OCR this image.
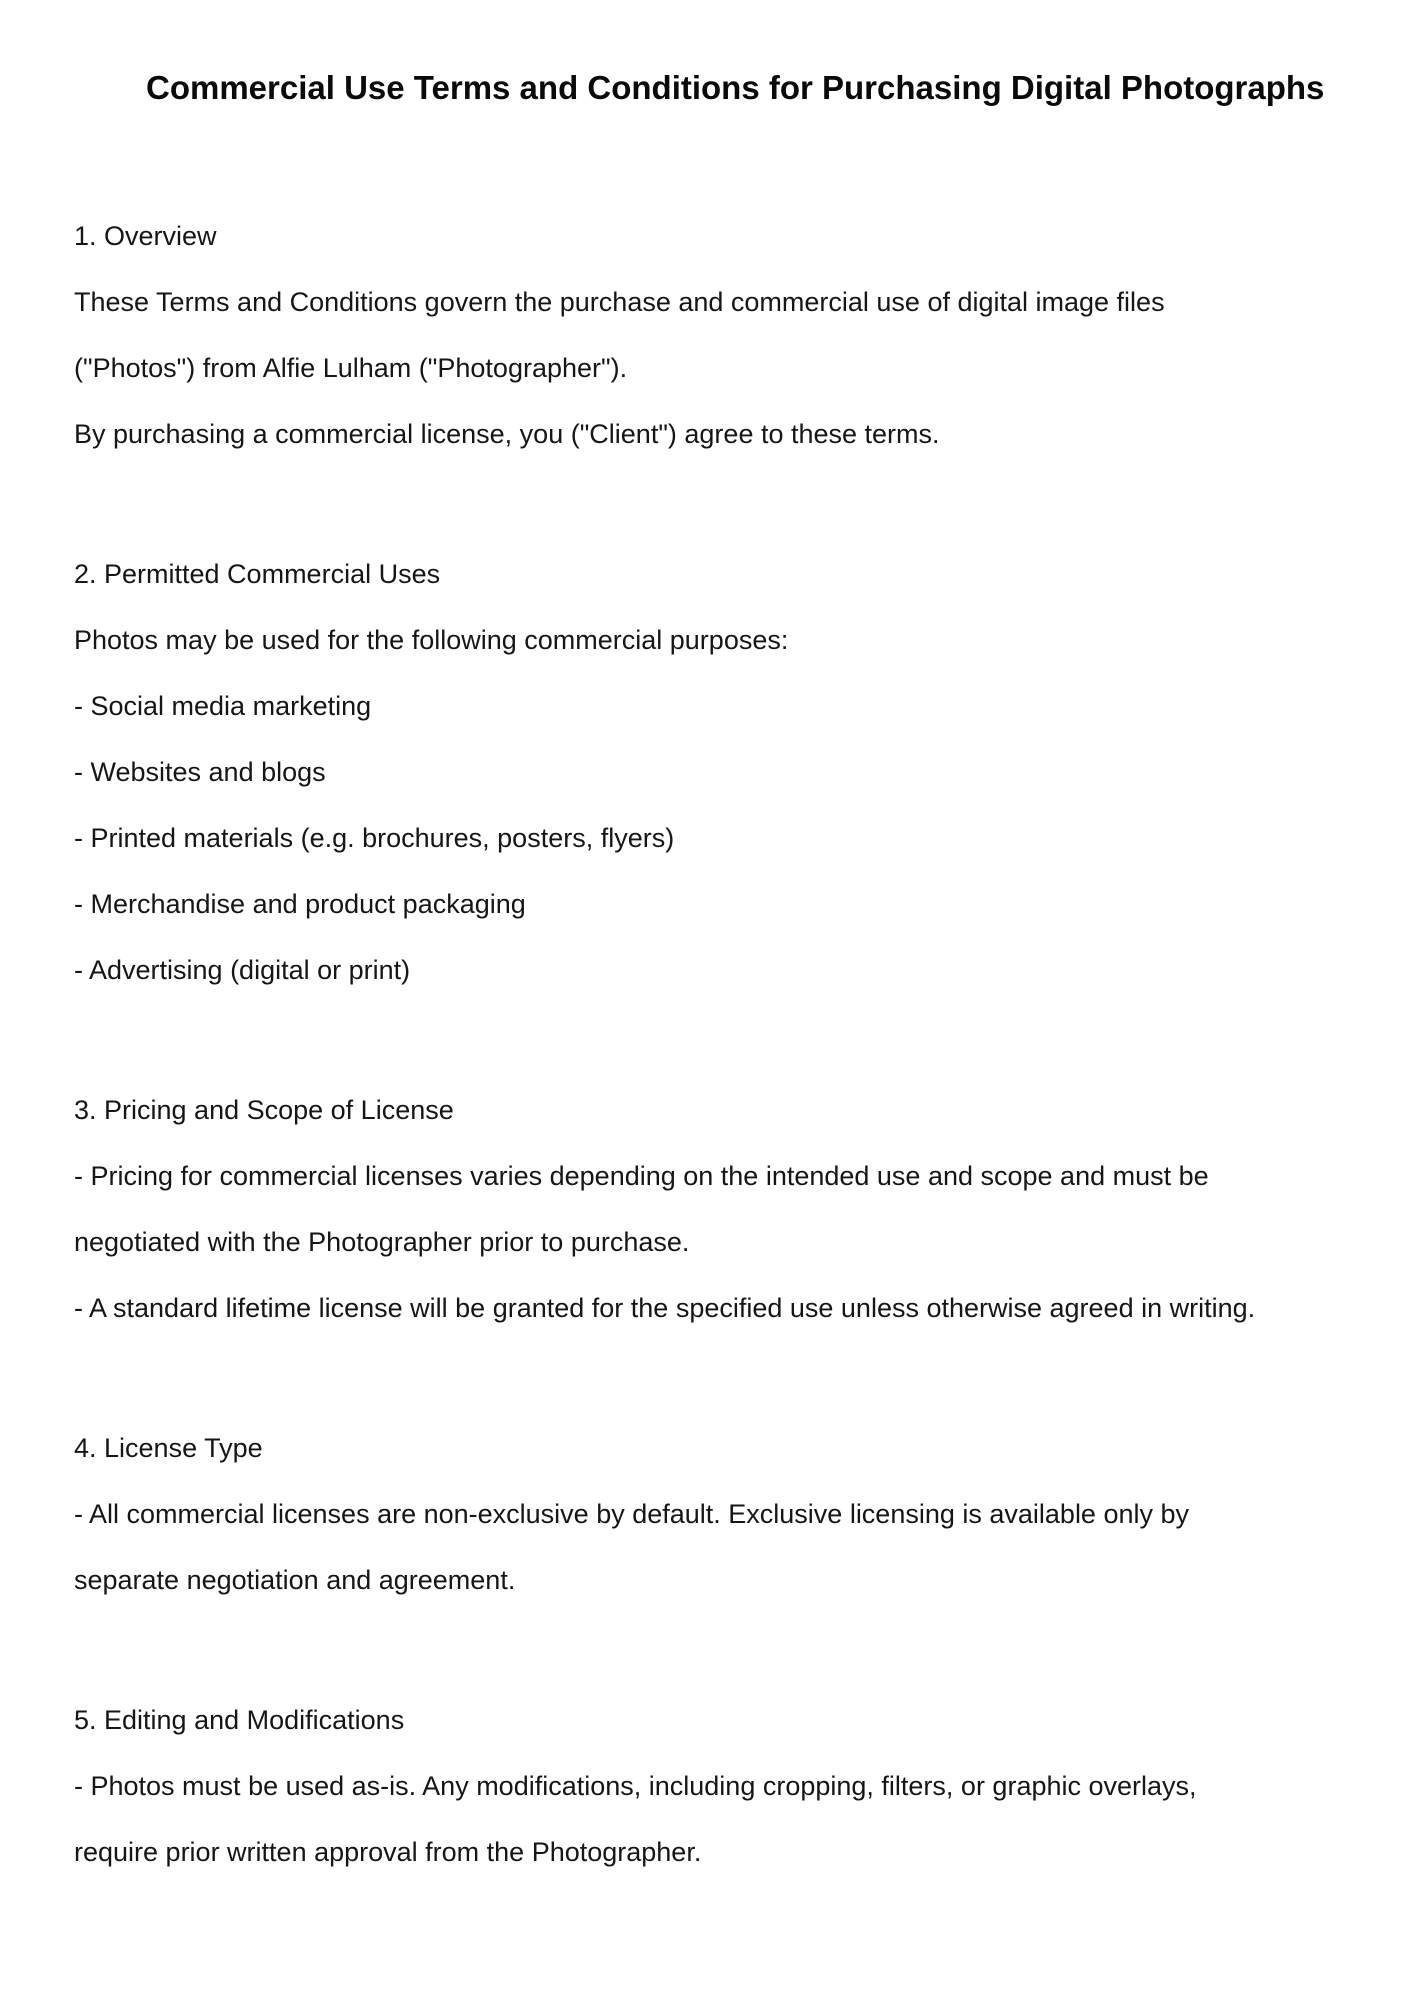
Commercial Use Terms and Conditions for Purchasing Digital Photographs

1. Overview

These Terms and Conditions govern the purchase and commercial use of digital image files

("Photos") from Alfie Lulham ("Photographer").

By purchasing a commercial license, you ("Client") agree to these terms.

2. Permitted Commercial Uses

Photos may be used for the following commercial purposes:

- Social media marketing

- Websites and blogs

- Printed materials (e.g. brochures, posters, flyers)

- Merchandise and product packaging

- Advertising (digital or print)

3. Pricing and Scope of License

- Pricing for commercial licenses varies depending on the intended use and scope and must be

negotiated with the Photographer prior to purchase.

- A standard lifetime license will be granted for the specified use unless otherwise agreed in writing.

4. License Type

- All commercial licenses are non-exclusive by default. Exclusive licensing is available only by

separate negotiation and agreement.

5. Editing and Modifications

- Photos must be used as-is. Any modifications, including cropping, filters, or graphic overlays,

require prior written approval from the Photographer.
